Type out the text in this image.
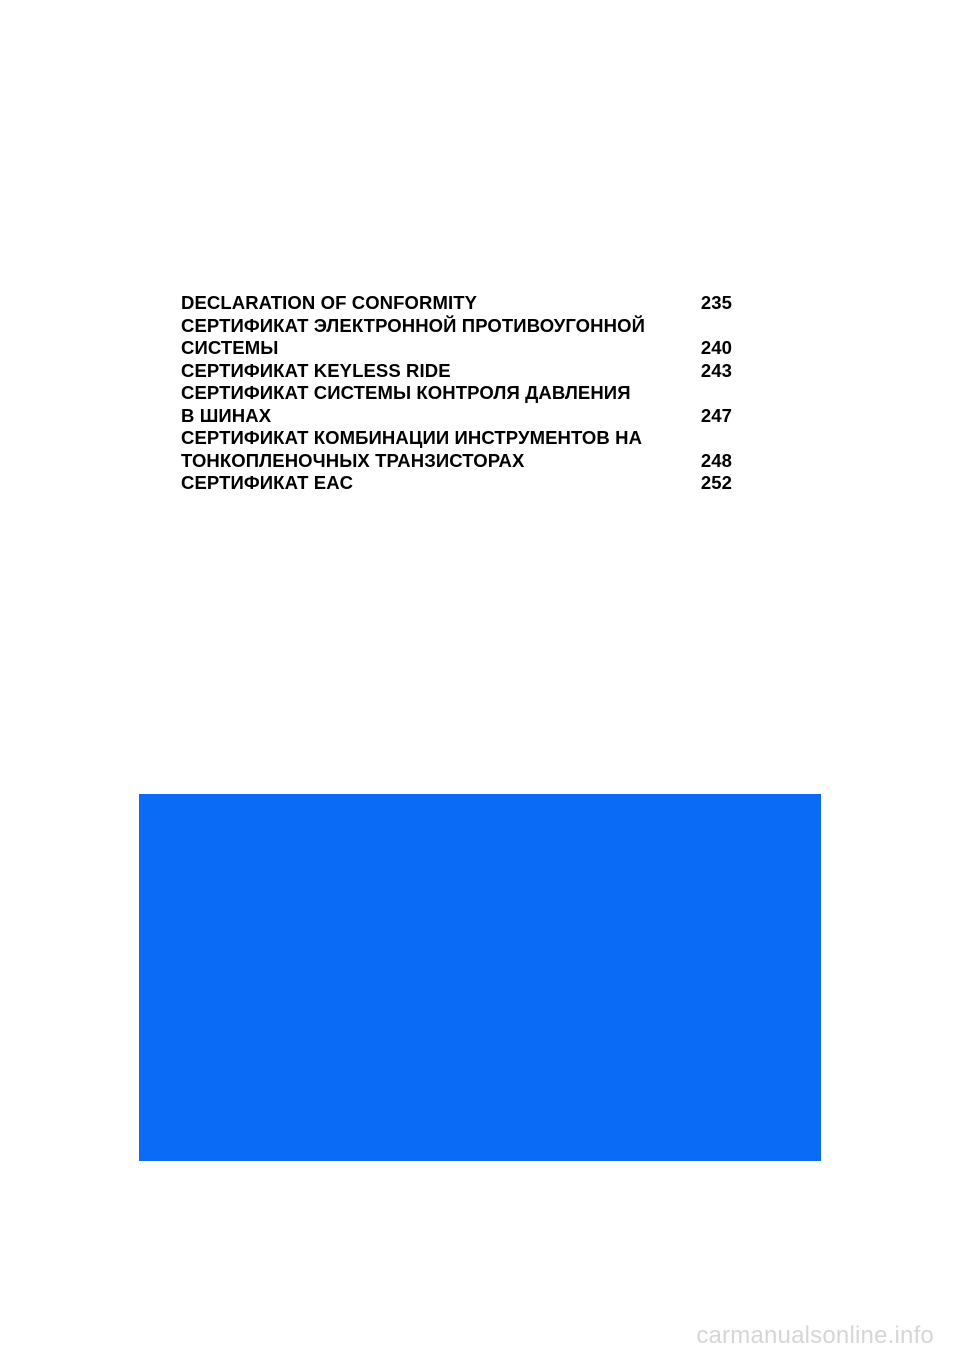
DECLARATION OF CONFORMITY	235
СЕРТИФИКАТ ЭЛЕКТРОННОЙ ПРОТИВОУГОННОЙ
СИСТЕМЫ	240
СЕРТИФИКАТ KEYLESS RIDE	243
СЕРТИФИКАТ СИСТЕМЫ КОНТРОЛЯ ДАВЛЕНИЯ
В ШИНАХ	247
СЕРТИФИКАТ КОМБИНАЦИИ ИНСТРУМЕНТОВ НА
ТОНКОПЛЕНОЧНЫХ ТРАНЗИСТОРАХ	248
СЕРТИФИКАТ EAC	252
carmanualsonline.info
